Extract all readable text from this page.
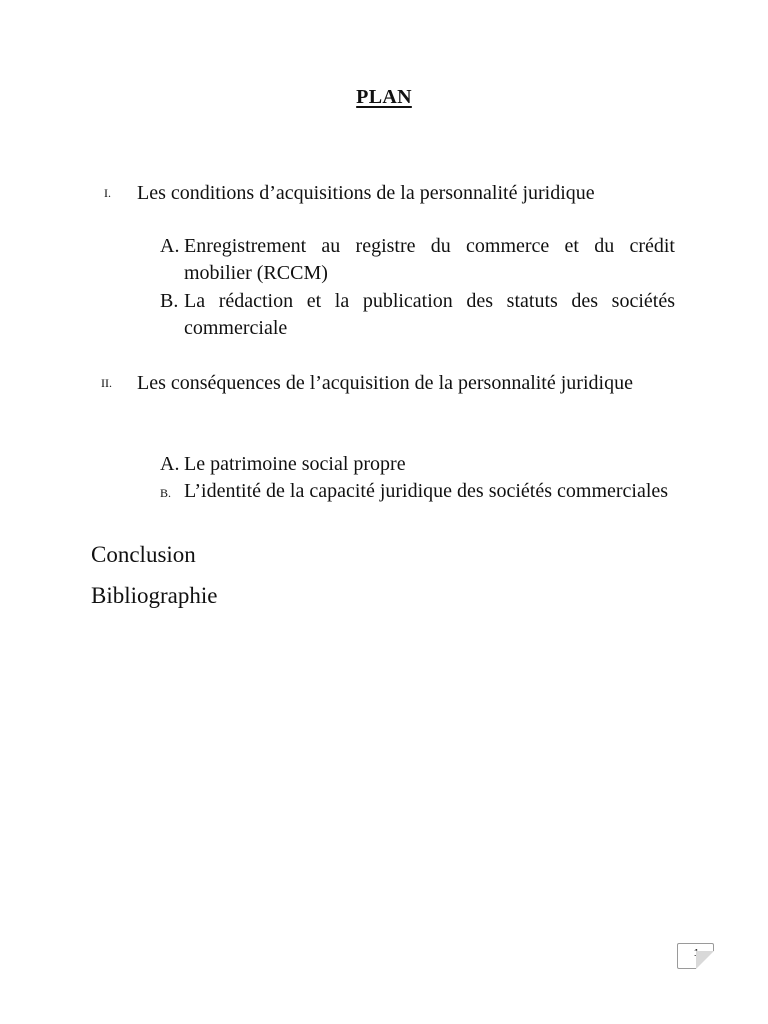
PLAN
I. Les conditions d’acquisitions de la personnalité juridique
A. Enregistrement au registre du commerce et du crédit mobilier (RCCM)
B. La rédaction et la publication des statuts des sociétés commerciale
II. Les conséquences de l’acquisition de la personnalité juridique
A. Le patrimoine social propre
B. L’identité de la capacité juridique des sociétés commerciales
Conclusion
Bibliographie
1
